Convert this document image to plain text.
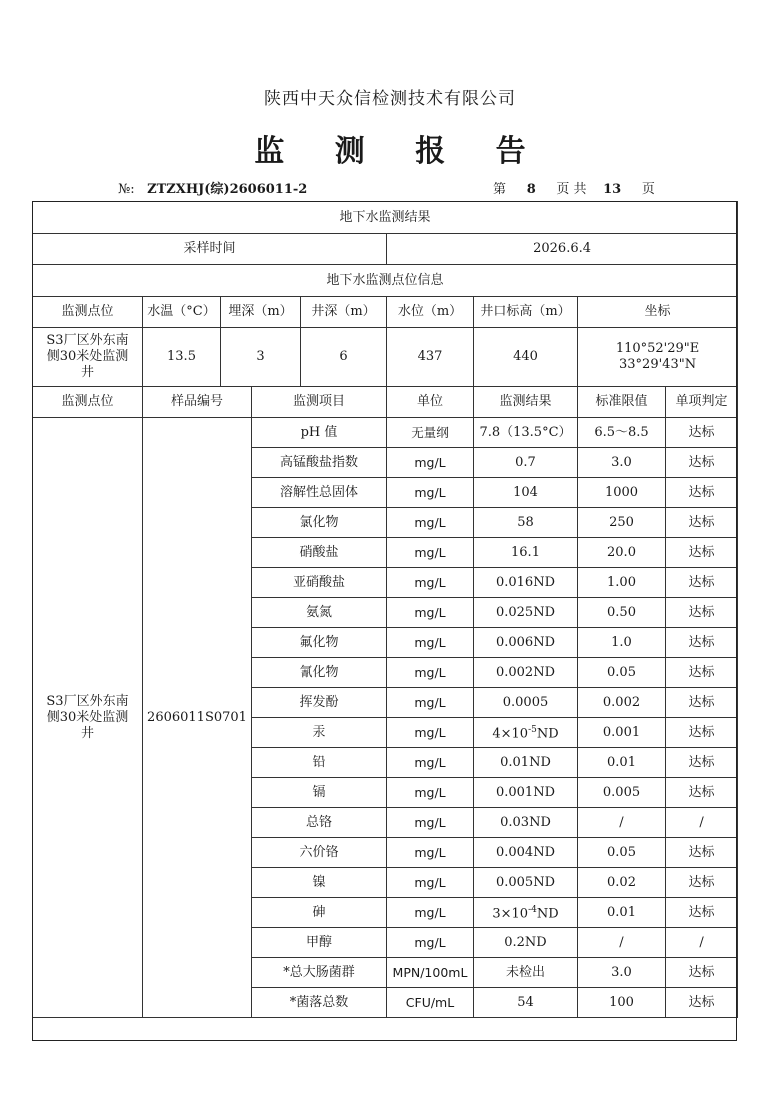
陕西中天众信检测技术有限公司
监 测 报 告
№: ZTZXHJ(综)2606011-2	第 8 页 共 13 页
地下水监测结果								
采样时间					2026.6.4			
地下水监测点位信息								
监测点位	水温（°C）	埋深（m）		井深（m）	水位（m）	井口标高（m）	坐标	
S3厂区外东南侧30米处监测井	13.5	3		6	437	440	110°52'29"E
33°29'43"N	

监测点位	样品编号		监测项目		单位	监测结果	标准限值	单项判定
S3厂区外东南侧30米处监测井	2606011S0701		pH 值		无量纲	7.8（13.5°C）	6.5～8.5	达标
			高锰酸盐指数		mg/L	0.7	3.0	达标
			溶解性总固体		mg/L	104	1000	达标
			氯化物		mg/L	58	250	达标
			硝酸盐		mg/L	16.1	20.0	达标
			亚硝酸盐		mg/L	0.016ND	1.00	达标
			氨氮		mg/L	0.025ND	0.50	达标
			氟化物		mg/L	0.006ND	1.0	达标
			氰化物		mg/L	0.002ND	0.05	达标
			挥发酚		mg/L	0.0005	0.002	达标
			汞		mg/L	$4\times 10^{-5}ND$	0.001	达标
			铅		mg/L	0.01ND	0.01	达标
			镉		mg/L	0.001ND	0.005	达标
			总铬		mg/L	0.03ND	/	/
			六价铬		mg/L	0.004ND	0.05	达标
			镍		mg/L	0.005ND	0.02	达标
			砷		mg/L	$3\times 10^{-4}ND$	0.01	达标
			甲醇		mg/L	0.2ND	/	/
			*总大肠菌群		MPN/100mL	未检出	3.0	达标
			*菌落总数		CFU/mL	54	100	达标
